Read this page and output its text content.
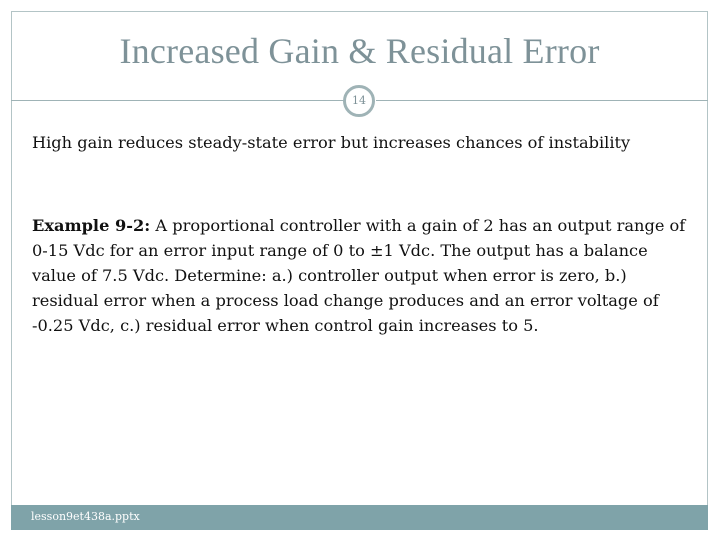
Increased Gain & Residual Error
14
High gain reduces steady-state error but increases chances of instability
Example 9-2: A proportional controller with a gain of 2 has an output range of 0-15 Vdc for an error input range of 0 to ±1 Vdc. The output has a balance value of 7.5 Vdc. Determine: a.) controller output when error is zero, b.) residual error when a process load change produces and an error voltage of -0.25 Vdc, c.) residual error when control gain increases to 5.
lesson9et438a.pptx
